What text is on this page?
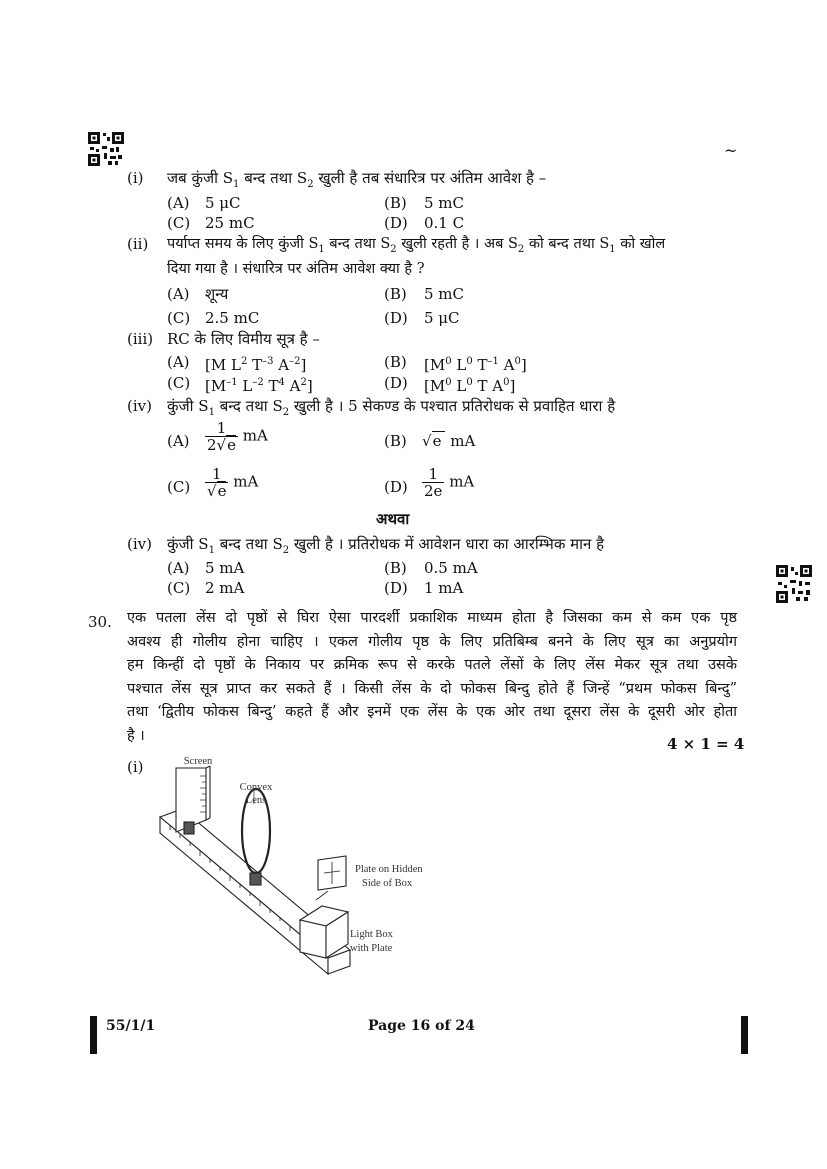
~
(i) जब कुंजी $S_1$ बन्द तथा $S_2$ खुली है तब संधारित्र पर अंतिम आवेश है –
(A) 5 μC	(B) 5 mC
(C) 25 mC	(D) 0.1 C
(ii) पर्याप्त समय के लिए कुंजी $S_1$ बन्द तथा $S_2$ खुली रहती है । अब $S_2$ को बन्द तथा $S_1$ को खोल
दिया गया है । संधारित्र पर अंतिम आवेश क्या है ?
(A) शून्य	(B) 5 mC
(C) 2.5 mC	(D) 5 μC
(iii) RC के लिए विमीय सूत्र है –
(A) [M $L^2$ $T^{-3}$ $A^{-2}$]	(B) [$M^0$ $L^0$ $T^{-1}$ $A^0$]
(C) [$M^{-1}$ $L^{-2}$ $T^4$ $A^2$]	(D) [$M^0$ $L^0$ T $A^0$]
(iv) कुंजी $S_1$ बन्द तथा $S_2$ खुली है । 5 सेकण्ड के पश्चात प्रतिरोधक से प्रवाहित धारा है
$(A) \frac{1}{2√e}$ mA	(B) √e mA
$(C) \frac{1}{√e}$ mA	$(D) \frac{1}{2e}$ mA
अथवा
(iv) कुंजी $S_1$ बन्द तथा $S_2$ खुली है । प्रतिरोधक में आवेशन धारा का आरम्भिक मान है
(A) 5 mA	(B) 0.5 mA
(C) 2 mA	(D) 1 mA
30. एक पतला लेंस दो पृष्ठों से घिरा ऐसा पारदर्शी प्रकाशिक माध्यम होता है जिसका कम से कम एक पृष्ठ
अवश्य ही गोलीय होना चाहिए । एकल गोलीय पृष्ठ के लिए प्रतिबिम्ब बनने के लिए सूत्र का अनुप्रयोग
हम किन्हीं दो पृष्ठों के निकाय पर क्रमिक रूप से करके पतले लेंसों के लिए लेंस मेकर सूत्र तथा उसके
पश्चात लेंस सूत्र प्राप्त कर सकते हैं । किसी लेंस के दो फोकस बिन्दु होते हैं जिन्हें “प्रथम फोकस बिन्दु”
तथा ‘द्वितीय फोकस बिन्दु’ कहते हैं और इनमें एक लेंस के एक ओर तथा दूसरा लेंस के दूसरी ओर होता
है ।	4 × 1 = 4
(i)	Screen
Convex
Lens
Plate on Hidden
Side of Box
Light Box
with Plate
55/1/1	Page 16 of 24
